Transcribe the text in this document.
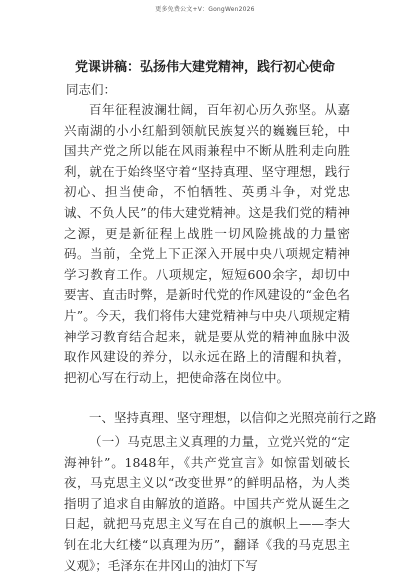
更多免费公文+V：GongWen2026
党课讲稿：弘扬伟大建党精神，践行初心使命
同志们：

百年征程波澜壮阔，百年初心历久弥坚。从嘉兴南湖的小小红船到领航民族复兴的巍巍巨轮，中国共产党之所以能在风雨兼程中不断从胜利走向胜利，就在于始终坚守着“坚持真理、坚守理想，践行初心、担当使命，不怕牺牲、英勇斗争，对党忠诚、不负人民”的伟大建党精神。这是我们党的精神之源，更是新征程上战胜一切风险挑战的力量密码。当前，全党上下正深入开展中央八项规定精神学习教育工作。八项规定，短短600余字，却切中要害、直击时弊，是新时代党的作风建设的“金色名片”。今天，我们将伟大建党精神与中央八项规定精神学习教育结合起来，就是要从党的精神血脉中汲取作风建设的养分，以永远在路上的清醒和执着，把初心写在行动上，把使命落在岗位中。

一、坚持真理、坚守理想，以信仰之光照亮前行之路

（一）马克思主义真理的力量，立党兴党的“定海神针”。1848年，《共产党宣言》如惊雷划破长夜，马克思主义以“改变世界”的鲜明品格，为人类指明了追求自由解放的道路。中国共产党从诞生之日起，就把马克思主义写在自己的旗帜上——李大钊在北大红楼“以真理为历”，翻译《我的马克思主义观》；毛泽东在井冈山的油灯下写
